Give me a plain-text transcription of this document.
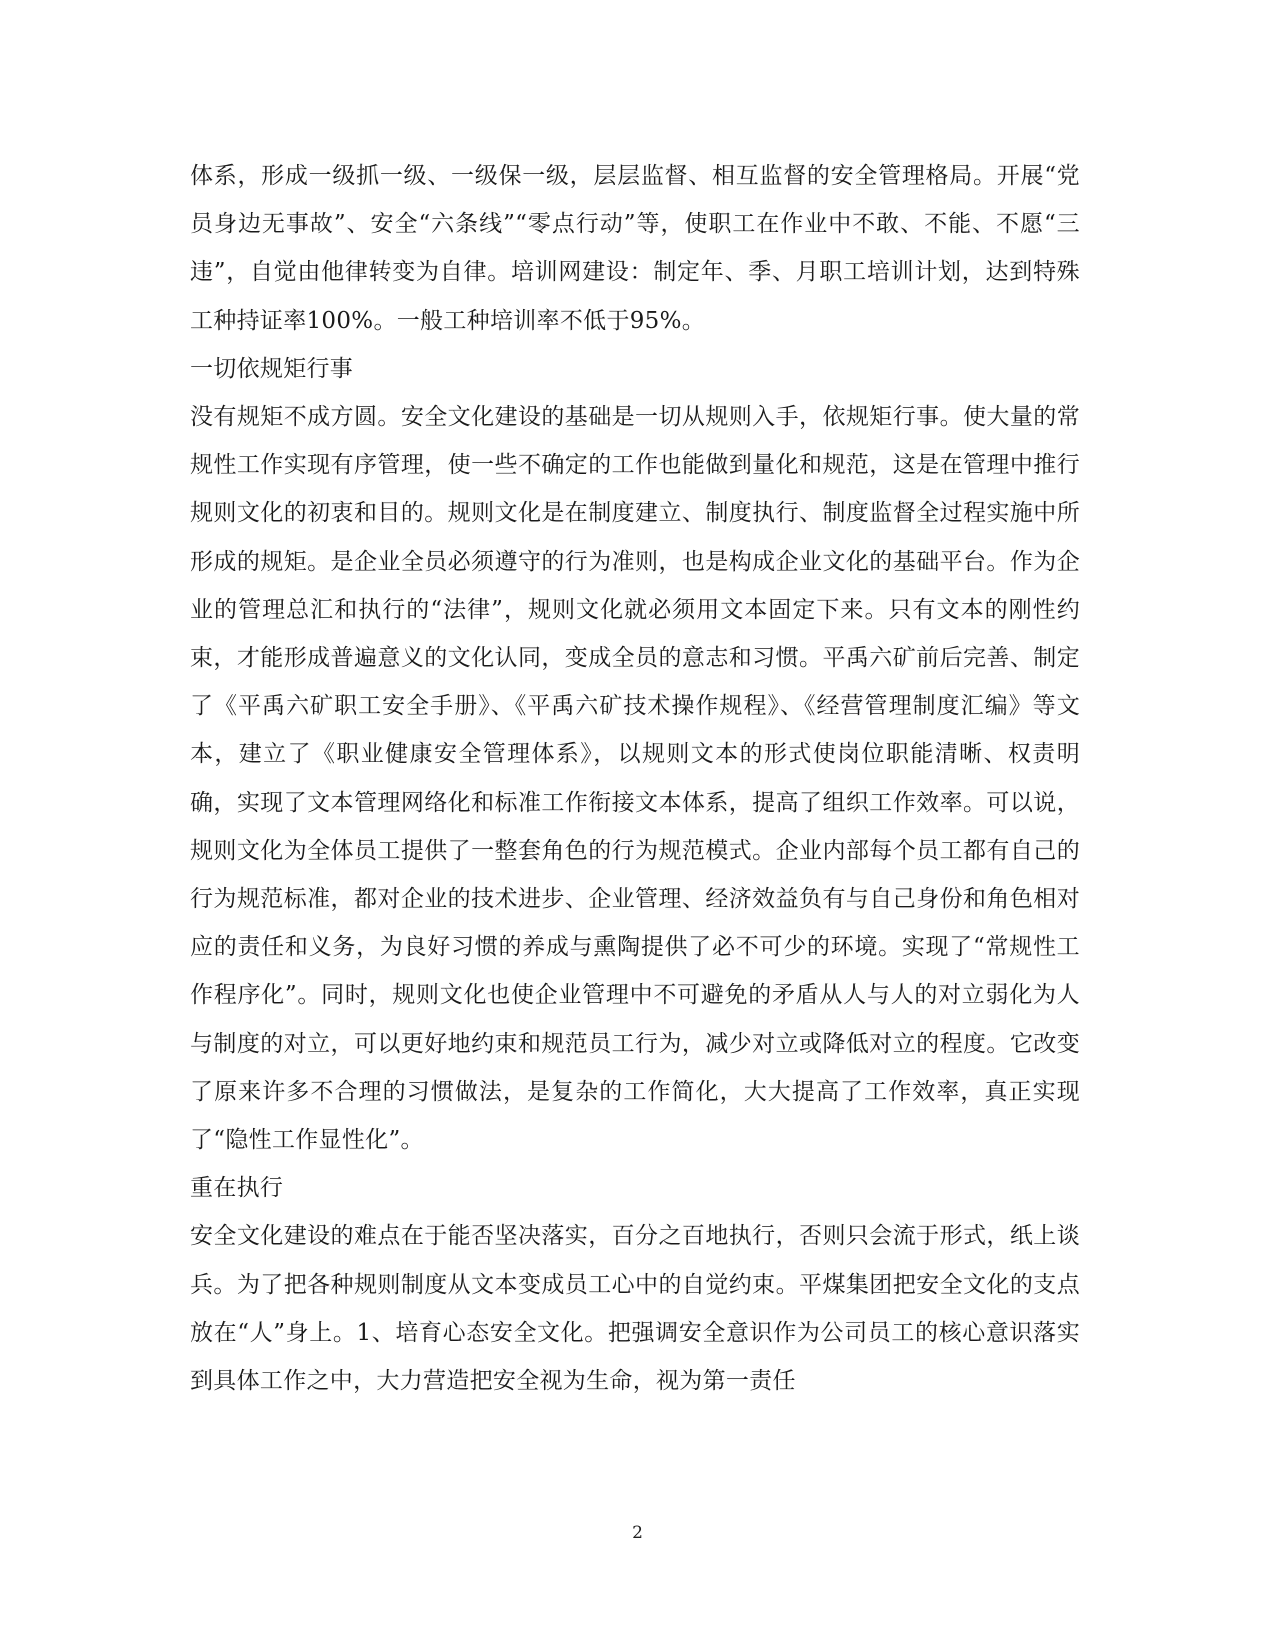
体系，形成一级抓一级、一级保一级，层层监督、相互监督的安全管理格局。开展“党员身边无事故”、安全“六条线”“零点行动”等，使职工在作业中不敢、不能、不愿“三违”，自觉由他律转变为自律。培训网建设：制定年、季、月职工培训计划，达到特殊工种持证率100%。一般工种培训率不低于95%。

一切依规矩行事

没有规矩不成方圆。安全文化建设的基础是一切从规则入手，依规矩行事。使大量的常规性工作实现有序管理，使一些不确定的工作也能做到量化和规范，这是在管理中推行规则文化的初衷和目的。规则文化是在制度建立、制度执行、制度监督全过程实施中所形成的规矩。是企业全员必须遵守的行为准则，也是构成企业文化的基础平台。作为企业的管理总汇和执行的“法律”，规则文化就必须用文本固定下来。只有文本的刚性约束，才能形成普遍意义的文化认同，变成全员的意志和习惯。平禹六矿前后完善、制定了《平禹六矿职工安全手册》、《平禹六矿技术操作规程》、《经营管理制度汇编》等文本，建立了《职业健康安全管理体系》，以规则文本的形式使岗位职能清晰、权责明确，实现了文本管理网络化和标准工作衔接文本体系，提高了组织工作效率。可以说，规则文化为全体员工提供了一整套角色的行为规范模式。企业内部每个员工都有自己的行为规范标准，都对企业的技术进步、企业管理、经济效益负有与自己身份和角色相对应的责任和义务，为良好习惯的养成与熏陶提供了必不可少的环境。实现了“常规性工作程序化”。同时，规则文化也使企业管理中不可避免的矛盾从人与人的对立弱化为人与制度的对立，可以更好地约束和规范员工行为，减少对立或降低对立的程度。它改变了原来许多不合理的习惯做法，是复杂的工作简化，大大提高了工作效率，真正实现了“隐性工作显性化”。

重在执行

安全文化建设的难点在于能否坚决落实，百分之百地执行，否则只会流于形式，纸上谈兵。为了把各种规则制度从文本变成员工心中的自觉约束。平煤集团把安全文化的支点放在“人”身上。1、培育心态安全文化。把强调安全意识作为公司员工的核心意识落实到具体工作之中，大力营造把安全视为生命，视为第一责任

2
